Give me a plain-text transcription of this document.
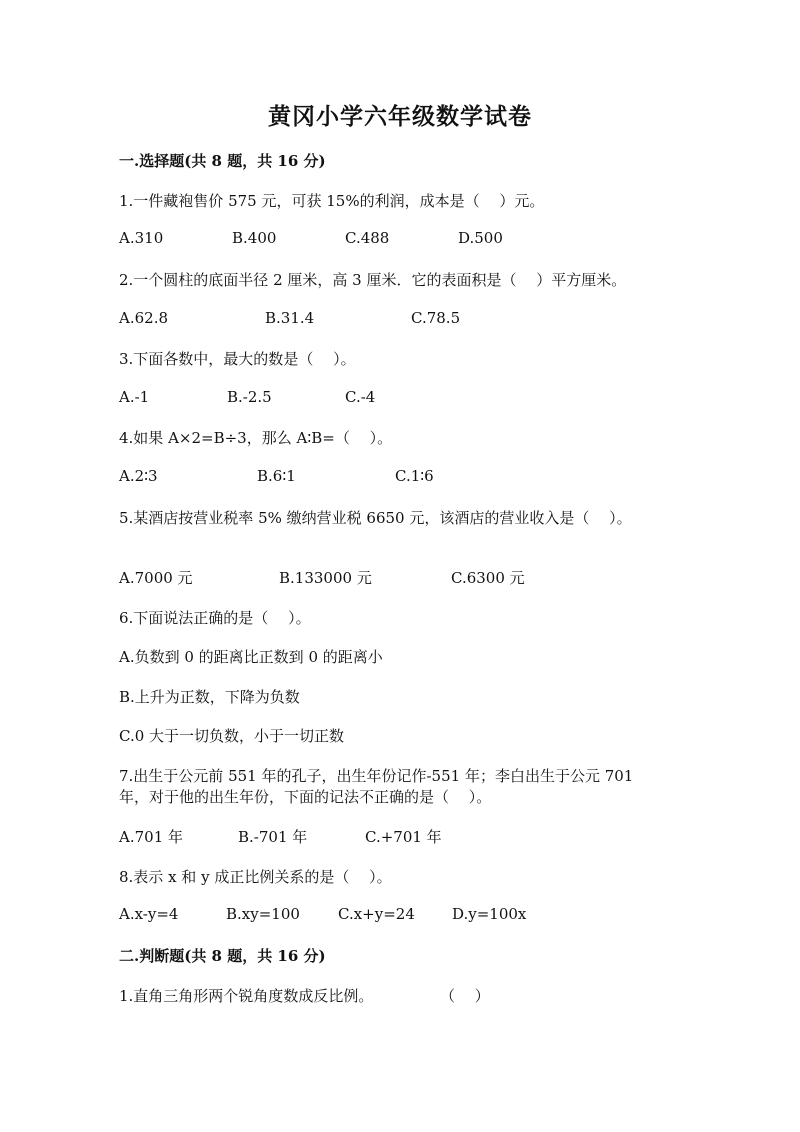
黄冈小学六年级数学试卷
一.选择题(共 8 题，共 16 分)
1.一件藏袍售价 575 元，可获 15%的利润，成本是（　 ）元。
A.310	B.400	C.488	D.500
2.一个圆柱的底面半径 2 厘米，高 3 厘米．它的表面积是（　 ）平方厘米。
A.62.8	B.31.4	C.78.5
3.下面各数中，最大的数是（　 ）。
A.-1	B.-2.5	C.-4
4.如果 A×2=B÷3，那么 A∶B=（　 ）。
A.2∶3	B.6∶1	C.1∶6
5.某酒店按营业税率 5% 缴纳营业税 6650 元，该酒店的营业收入是（　 ）。
A.7000 元	B.133000 元	C.6300 元
6.下面说法正确的是（　 ）。
A.负数到 0 的距离比正数到 0 的距离小
B.上升为正数，下降为负数
C.0 大于一切负数，小于一切正数
7.出生于公元前 551 年的孔子，出生年份记作-551 年；李白出生于公元 701
年，对于他的出生年份，下面的记法不正确的是（　 ）。
A.701 年	B.-701 年	C.+701 年
8.表示 x 和 y 成正比例关系的是（　 ）。
A.x-y=4	B.xy=100	C.x+y=24 D.y=100x
二.判断题(共 8 题，共 16 分)
1.直角三角形两个锐角度数成反比例。	（　 ）
